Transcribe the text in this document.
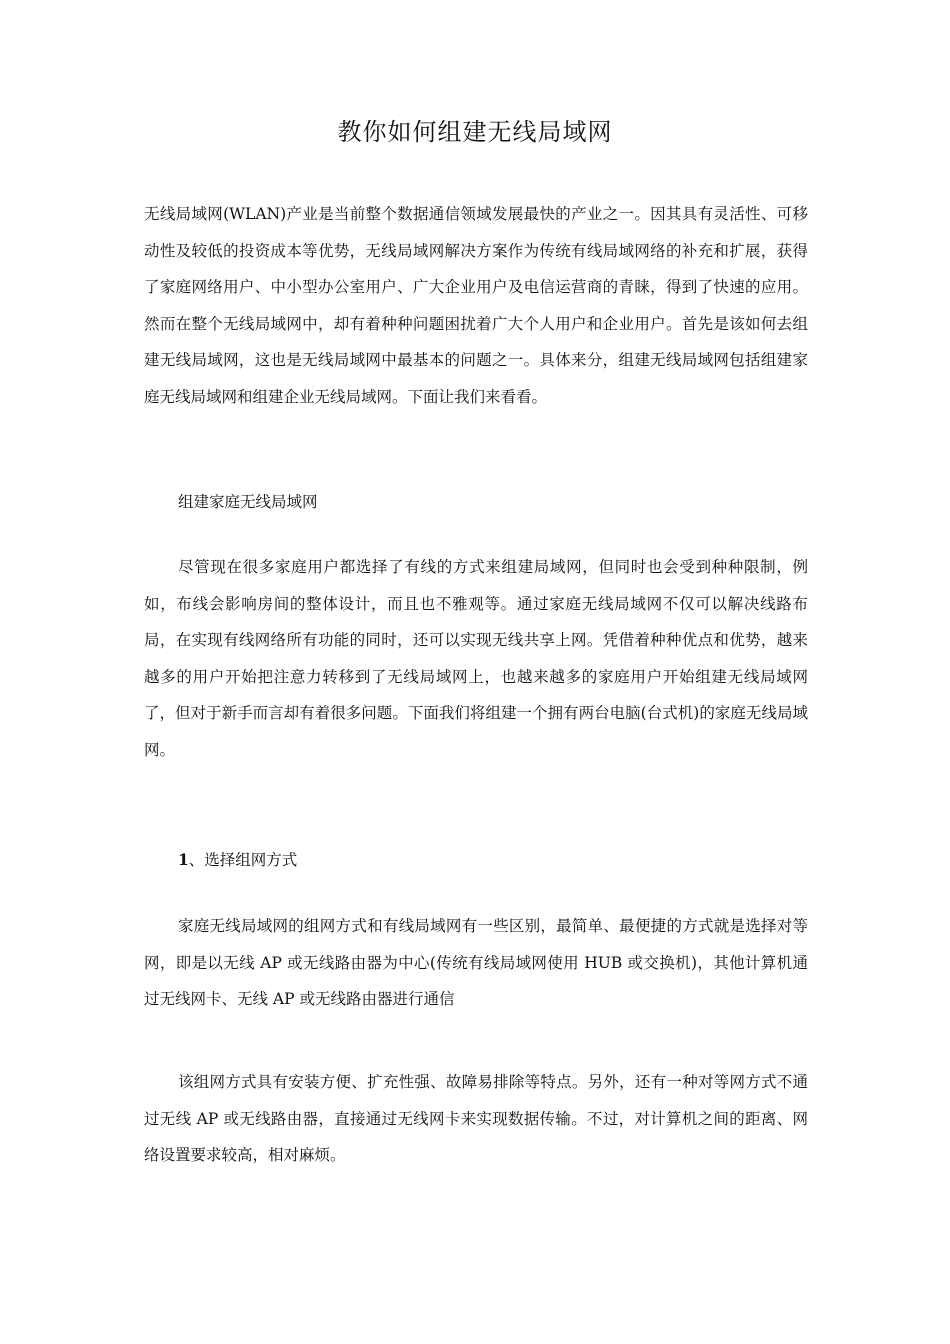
教你如何组建无线局域网

无线局域网(WLAN)产业是当前整个数据通信领域发展最快的产业之一。因其具有灵活性、可移动性及较低的投资成本等优势，无线局域网解决方案作为传统有线局域网络的补充和扩展，获得了家庭网络用户、中小型办公室用户、广大企业用户及电信运营商的青睐，得到了快速的应用。然而在整个无线局域网中，却有着种种问题困扰着广大个人用户和企业用户。首先是该如何去组建无线局域网，这也是无线局域网中最基本的问题之一。具体来分，组建无线局域网包括组建家庭无线局域网和组建企业无线局域网。下面让我们来看看。

组建家庭无线局域网

尽管现在很多家庭用户都选择了有线的方式来组建局域网，但同时也会受到种种限制，例如，布线会影响房间的整体设计，而且也不雅观等。通过家庭无线局域网不仅可以解决线路布局，在实现有线网络所有功能的同时，还可以实现无线共享上网。凭借着种种优点和优势，越来越多的用户开始把注意力转移到了无线局域网上，也越来越多的家庭用户开始组建无线局域网了，但对于新手而言却有着很多问题。下面我们将组建一个拥有两台电脑(台式机)的家庭无线局域网。

1、选择组网方式

家庭无线局域网的组网方式和有线局域网有一些区别，最简单、最便捷的方式就是选择对等网，即是以无线 AP 或无线路由器为中心(传统有线局域网使用 HUB 或交换机)，其他计算机通过无线网卡、无线 AP 或无线路由器进行通信

该组网方式具有安装方便、扩充性强、故障易排除等特点。另外，还有一种对等网方式不通过无线 AP 或无线路由器，直接通过无线网卡来实现数据传输。不过，对计算机之间的距离、网络设置要求较高，相对麻烦。
